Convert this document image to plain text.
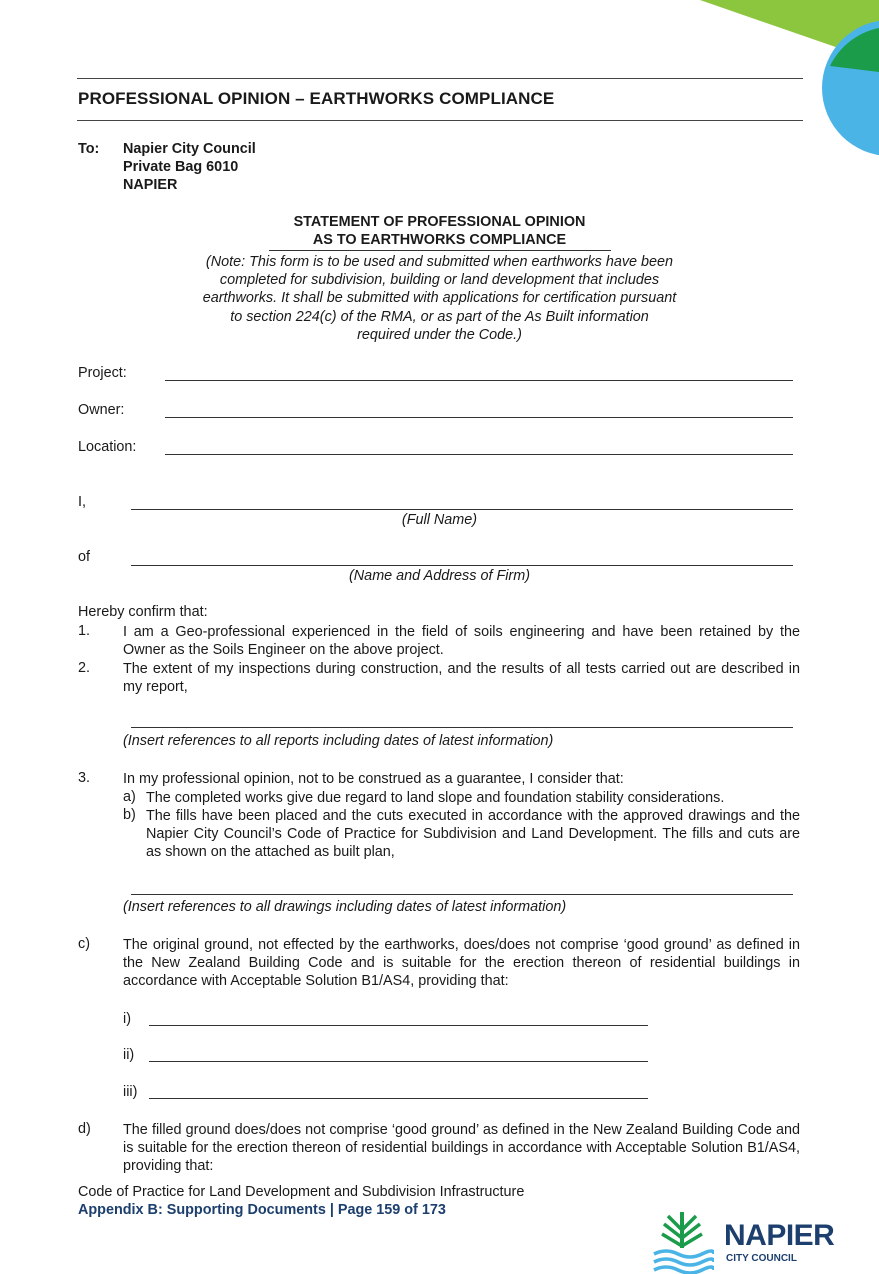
PROFESSIONAL OPINION – EARTHWORKS COMPLIANCE
To: Napier City Council
Private Bag 6010
NAPIER
STATEMENT OF PROFESSIONAL OPINION
AS TO EARTHWORKS COMPLIANCE
(Note: This form is to be used and submitted when earthworks have been
completed for subdivision, building or land development that includes
earthworks. It shall be submitted with applications for certification pursuant
to section 224(c) of the RMA, or as part of the As Built information
required under the Code.)
Project:
Owner:
Location:
I,
(Full Name)
of
(Name and Address of Firm)
Hereby confirm that:
1. I am a Geo-professional experienced in the field of soils engineering and have been retained by the Owner as the Soils Engineer on the above project.
2. The extent of my inspections during construction, and the results of all tests carried out are described in my report,
(Insert references to all reports including dates of latest information)
3. In my professional opinion, not to be construed as a guarantee, I consider that:
a) The completed works give due regard to land slope and foundation stability considerations.
b) The fills have been placed and the cuts executed in accordance with the approved drawings and the Napier City Council’s Code of Practice for Subdivision and Land Development. The fills and cuts are as shown on the attached as built plan,
(Insert references to all drawings including dates of latest information)
c) The original ground, not effected by the earthworks, does/does not comprise ‘good ground’ as defined in the New Zealand Building Code and is suitable for the erection thereon of residential buildings in accordance with Acceptable Solution B1/AS4, providing that:
i)
ii)
iii)
d) The filled ground does/does not comprise ‘good ground’ as defined in the New Zealand Building Code and is suitable for the erection thereon of residential buildings in accordance with Acceptable Solution B1/AS4, providing that:
Code of Practice for Land Development and Subdivision Infrastructure
Appendix B: Supporting Documents | Page 159 of 173
NAPIER
CITY COUNCIL
